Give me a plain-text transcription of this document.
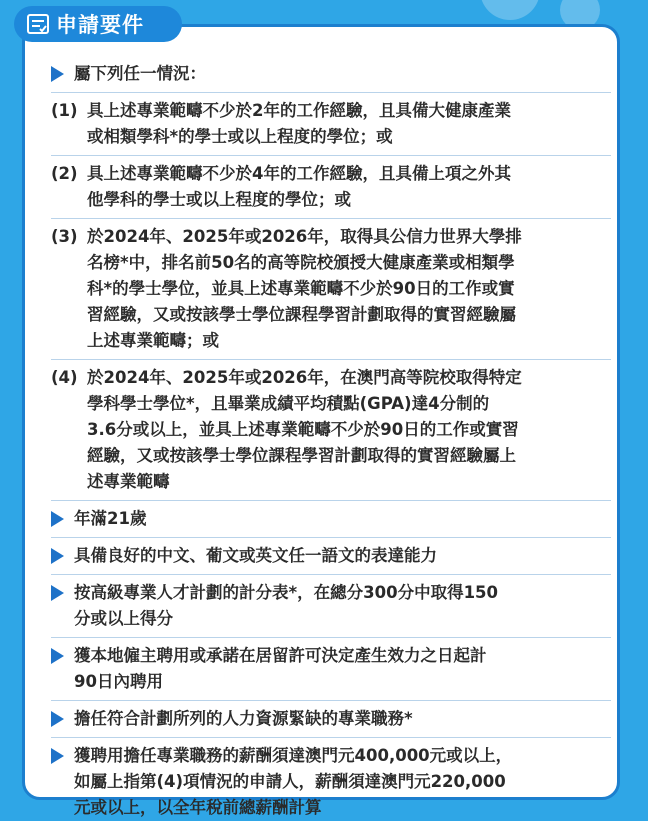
屬下列任一情況：
(1) 具上述專業範疇不少於2年的工作經驗，且具備大健康產業
或相類學科*的學士或以上程度的學位；或
(2) 具上述專業範疇不少於4年的工作經驗，且具備上項之外其
他學科的學士或以上程度的學位；或
(3) 於2024年、2025年或2026年，取得具公信力世界大學排
名榜*中，排名前50名的高等院校頒授大健康產業或相類學
科*的學士學位，並具上述專業範疇不少於90日的工作或實
習經驗，又或按該學士學位課程學習計劃取得的實習經驗屬
上述專業範疇；或
(4) 於2024年、2025年或2026年，在澳門高等院校取得特定
學科學士學位*，且畢業成績平均積點(GPA)達4分制的
3.6分或以上，並具上述專業範疇不少於90日的工作或實習
經驗，又或按該學士學位課程學習計劃取得的實習經驗屬上
述專業範疇
年滿21歲
具備良好的中文、葡文或英文任一語文的表達能力
按高級專業人才計劃的計分表*，在總分300分中取得150
分或以上得分
獲本地僱主聘用或承諾在居留許可決定產生效力之日起計
90日內聘用
擔任符合計劃所列的人力資源緊缺的專業職務*
獲聘用擔任專業職務的薪酬須達澳門元400,000元或以上，
如屬上指第(4)項情況的申請人，薪酬須達澳門元220,000
元或以上，以全年稅前總薪酬計算
申請要件
